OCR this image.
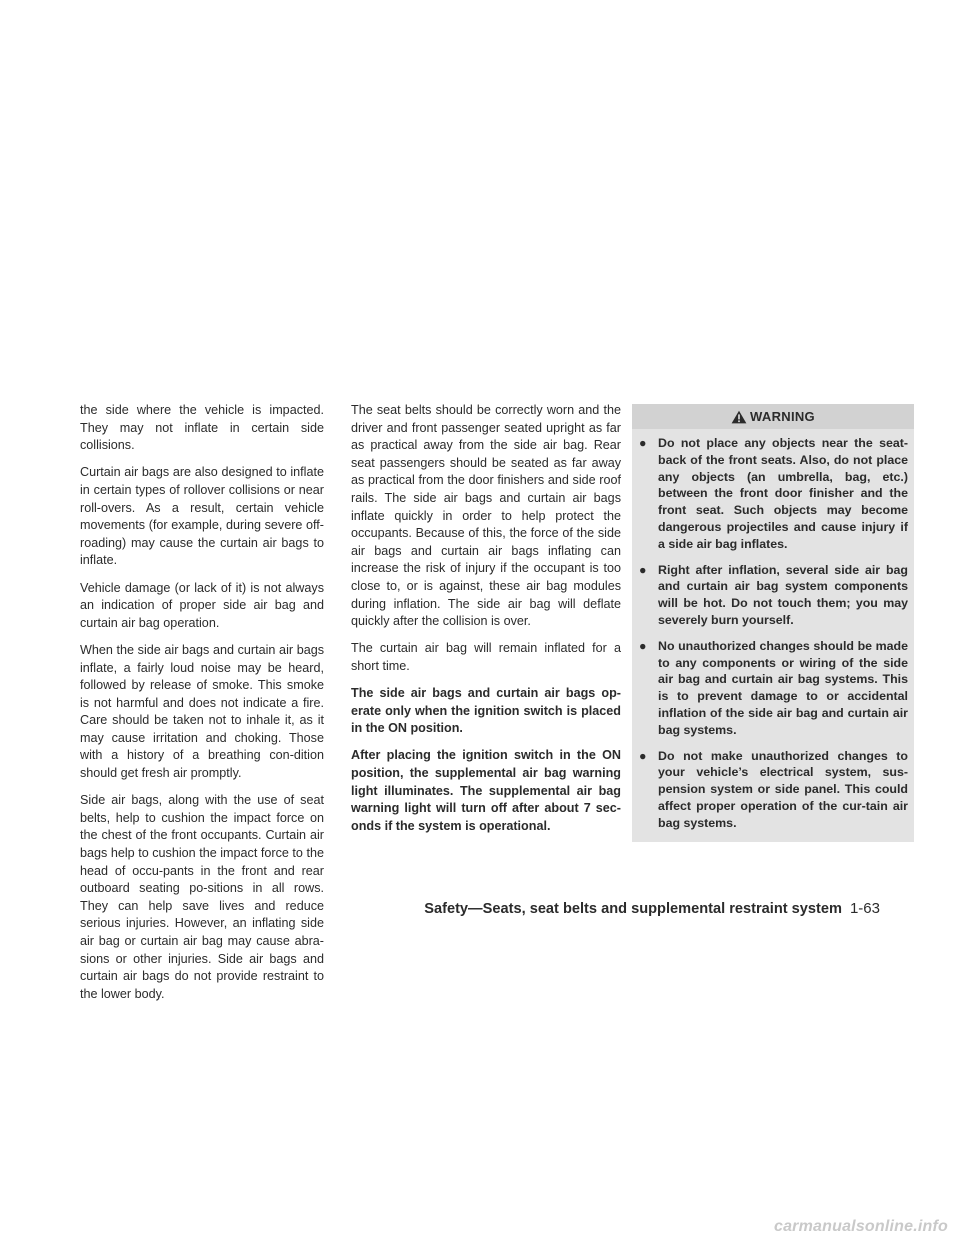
the side where the vehicle is impacted. They may not inflate in certain side collisions.

Curtain air bags are also designed to inflate in certain types of rollover collisions or near roll-overs. As a result, certain vehicle movements (for example, during severe off-roading) may cause the curtain air bags to inflate.

Vehicle damage (or lack of it) is not always an indication of proper side air bag and curtain air bag operation.

When the side air bags and curtain air bags inflate, a fairly loud noise may be heard, followed by release of smoke. This smoke is not harmful and does not indicate a fire. Care should be taken not to inhale it, as it may cause irritation and choking. Those with a history of a breathing con-dition should get fresh air promptly.

Side air bags, along with the use of seat belts, help to cushion the impact force on the chest of the front occupants. Curtain air bags help to cushion the impact force to the head of occu-pants in the front and rear outboard seating po-sitions in all rows. They can help save lives and reduce serious injuries. However, an inflating side air bag or curtain air bag may cause abra-sions or other injuries. Side air bags and curtain air bags do not provide restraint to the lower body.

The seat belts should be correctly worn and the driver and front passenger seated upright as far as practical away from the side air bag. Rear seat passengers should be seated as far away as practical from the door finishers and side roof rails. The side air bags and curtain air bags inflate quickly in order to help protect the occupants. Because of this, the force of the side air bags and curtain air bags inflating can increase the risk of injury if the occupant is too close to, or is against, these air bag modules during inflation. The side air bag will deflate quickly after the collision is over.

The curtain air bag will remain inflated for a short time.

The side air bags and curtain air bags op-erate only when the ignition switch is placed in the ON position.

After placing the ignition switch in the ON position, the supplemental air bag warning light illuminates. The supplemental air bag warning light will turn off after about 7 sec-onds if the system is operational.

WARNING
● Do not place any objects near the seat-back of the front seats. Also, do not place any objects (an umbrella, bag, etc.) between the front door finisher and the front seat. Such objects may become dangerous projectiles and cause injury if a side air bag inflates.
● Right after inflation, several side air bag and curtain air bag system components will be hot. Do not touch them; you may severely burn yourself.
● No unauthorized changes should be made to any components or wiring of the side air bag and curtain air bag systems. This is to prevent damage to or accidental inflation of the side air bag and curtain air bag systems.
● Do not make unauthorized changes to your vehicle’s electrical system, sus-pension system or side panel. This could affect proper operation of the cur-tain air bag systems.
Safety—Seats, seat belts and supplemental restraint system 1-63
carmanualsonline.info
